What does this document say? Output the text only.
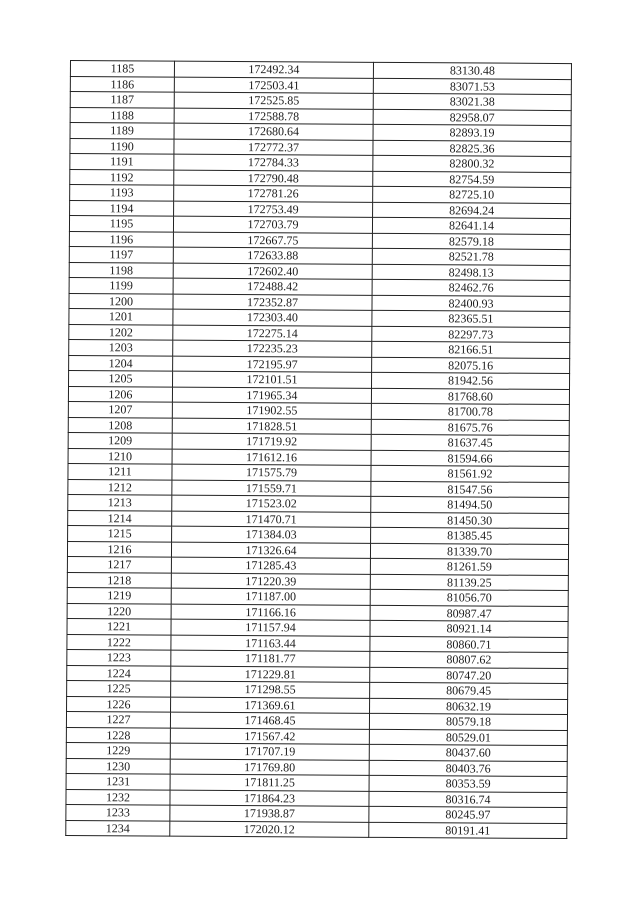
1185	172492.34	83130.48
1186	172503.41	83071.53
1187	172525.85	83021.38
1188	172588.78	82958.07
1189	172680.64	82893.19
1190	172772.37	82825.36
1191	172784.33	82800.32
1192	172790.48	82754.59
1193	172781.26	82725.10
1194	172753.49	82694.24
1195	172703.79	82641.14
1196	172667.75	82579.18
1197	172633.88	82521.78
1198	172602.40	82498.13
1199	172488.42	82462.76
1200	172352.87	82400.93
1201	172303.40	82365.51
1202	172275.14	82297.73
1203	172235.23	82166.51
1204	172195.97	82075.16
1205	172101.51	81942.56
1206	171965.34	81768.60
1207	171902.55	81700.78
1208	171828.51	81675.76
1209	171719.92	81637.45
1210	171612.16	81594.66
1211	171575.79	81561.92
1212	171559.71	81547.56
1213	171523.02	81494.50
1214	171470.71	81450.30
1215	171384.03	81385.45
1216	171326.64	81339.70
1217	171285.43	81261.59
1218	171220.39	81139.25
1219	171187.00	81056.70
1220	171166.16	80987.47
1221	171157.94	80921.14
1222	171163.44	80860.71
1223	171181.77	80807.62
1224	171229.81	80747.20
1225	171298.55	80679.45
1226	171369.61	80632.19
1227	171468.45	80579.18
1228	171567.42	80529.01
1229	171707.19	80437.60
1230	171769.80	80403.76
1231	171811.25	80353.59
1232	171864.23	80316.74
1233	171938.87	80245.97
1234	172020.12	80191.41
